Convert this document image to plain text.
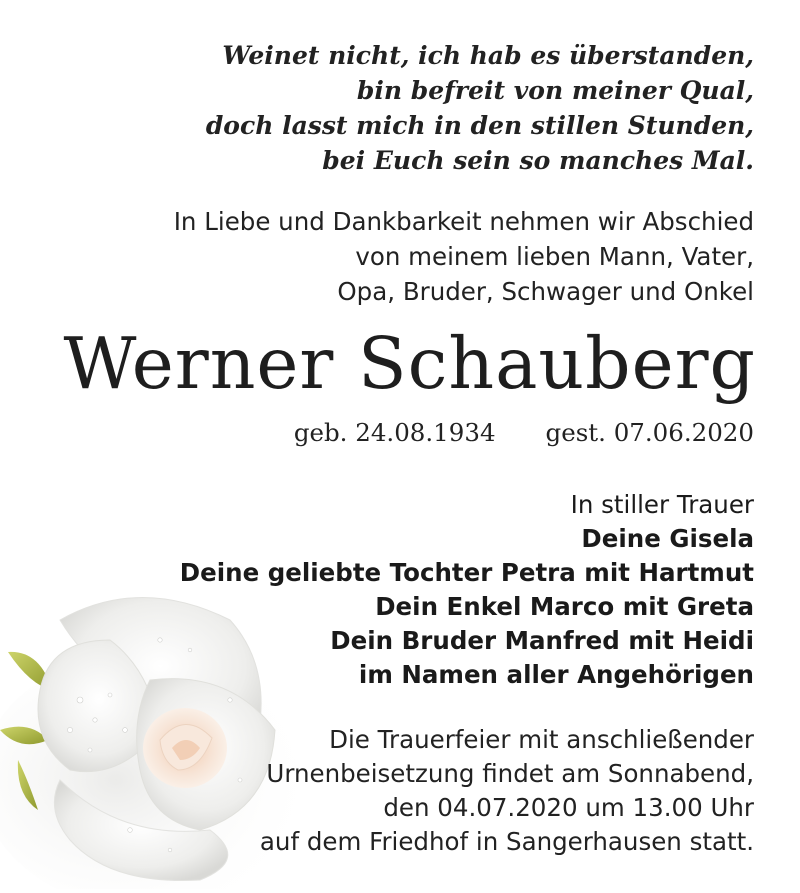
Weinet nicht, ich hab es überstanden,
bin befreit von meiner Qual,
doch lasst mich in den stillen Stunden,
bei Euch sein so manches Mal.
In Liebe und Dankbarkeit nehmen wir Abschied
von meinem lieben Mann, Vater,
Opa, Bruder, Schwager und Onkel
Werner Schauberg
geb. 24.08.1934 gest. 07.06.2020
In stiller Trauer
Deine Gisela
Deine geliebte Tochter Petra mit Hartmut
Dein Enkel Marco mit Greta
Dein Bruder Manfred mit Heidi
im Namen aller Angehörigen
Die Trauerfeier mit anschließender
Urnenbeisetzung findet am Sonnabend,
den 04.07.2020 um 13.00 Uhr
auf dem Friedhof in Sangerhausen statt.
